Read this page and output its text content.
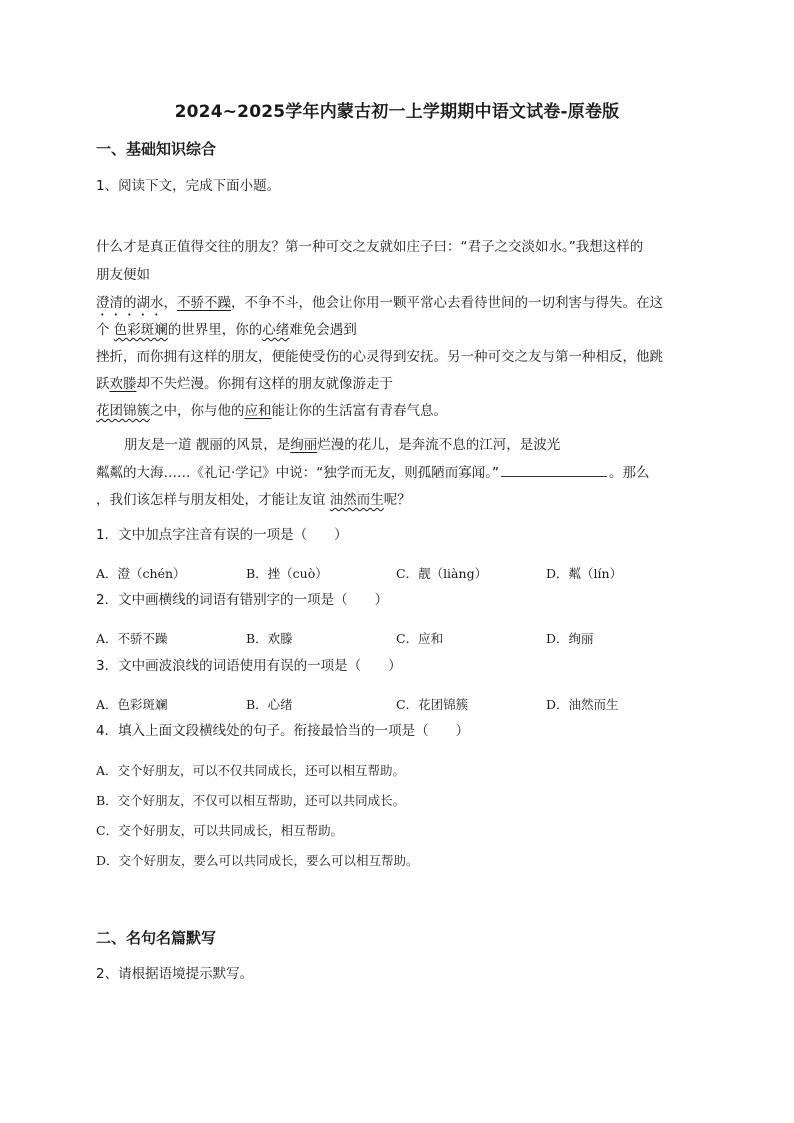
2024~2025学年内蒙古初一上学期期中语文试卷-原卷版
一、基础知识综合
1、阅读下文，完成下面小题。
什么才是真正值得交往的朋友？第一种可交之友就如庄子曰：“君子之交淡如水。”我想这样的
朋友便如
澄清的湖水，不骄不躁，不争不斗，他会让你用一颗平常心去看待世间的一切利害与得失。在这
个 色彩斑斓的世界里，你的心绪难免会遇到
挫折，而你拥有这样的朋友，便能使受伤的心灵得到安抚。另一种可交之友与第一种相反，他跳
跃欢滕却不失烂漫。你拥有这样的朋友就像游走于
花团锦簇之中，你与他的应和能让你的生活富有青春气息。
朋友是一道 靓丽的风景，是绚丽烂漫的花儿，是奔流不息的江河，是波光
粼粼的大海……《礼记·学记》中说：“独学而无友，则孤陋而寡闻。”	。那么
，我们该怎样与朋友相处，才能让友谊 油然而生呢？
1．文中加点字注音有误的一项是（　　）
A．澄（chén）	B．挫（cuò）	C．靓（liàng）	D．粼（lín）
2．文中画横线的词语有错别字的一项是（　　）
A．不骄不躁	B．欢滕	C．应和	D．绚丽
3．文中画波浪线的词语使用有误的一项是（　　）
A．色彩斑斓	B．心绪	C．花团锦簇	D．油然而生
4．填入上面文段横线处的句子。衔接最恰当的一项是（　　）
A．交个好朋友，可以不仅共同成长，还可以相互帮助。
B．交个好朋友，不仅可以相互帮助，还可以共同成长。
C．交个好朋友，可以共同成长，相互帮助。
D．交个好朋友，要么可以共同成长，要么可以相互帮助。
二、名句名篇默写
2、请根据语境提示默写。
